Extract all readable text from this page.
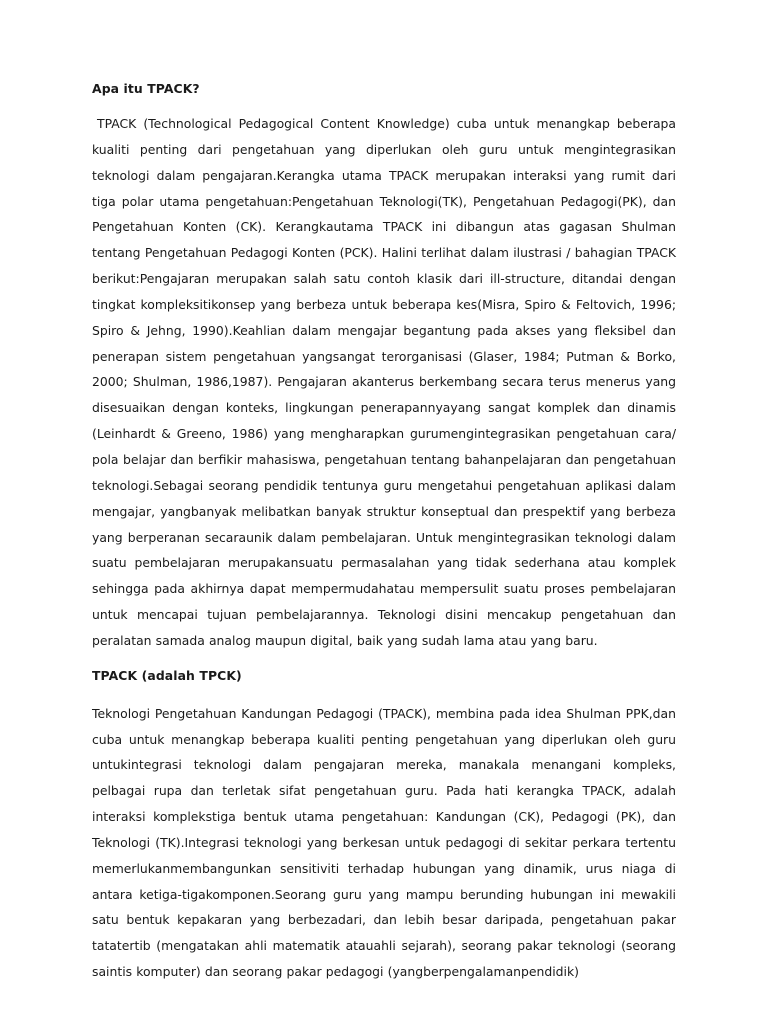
Apa itu TPACK?

TPACK (Technological Pedagogical Content Knowledge) cuba untuk menangkap beberapa kualiti penting dari pengetahuan yang diperlukan oleh guru untuk mengintegrasikan teknologi dalam pengajaran.Kerangka utama TPACK merupakan interaksi yang rumit dari tiga polar utama pengetahuan:Pengetahuan Teknologi(TK), Pengetahuan Pedagogi(PK), dan Pengetahuan Konten (CK). Kerangkautama TPACK ini dibangun atas gagasan Shulman tentang Pengetahuan Pedagogi Konten (PCK). Halini terlihat dalam ilustrasi / bahagian TPACK berikut:Pengajaran merupakan salah satu contoh klasik dari ill-structure, ditandai dengan tingkat kompleksitikonsep yang berbeza untuk beberapa kes(Misra, Spiro & Feltovich, 1996; Spiro & Jehng, 1990).Keahlian dalam mengajar begantung pada akses yang fleksibel dan penerapan sistem pengetahuan yangsangat terorganisasi (Glaser, 1984; Putman & Borko, 2000; Shulman, 1986,1987). Pengajaran akanterus berkembang secara terus menerus yang disesuaikan dengan konteks, lingkungan penerapannyayang sangat komplek dan dinamis (Leinhardt & Greeno, 1986) yang mengharapkan gurumengintegrasikan pengetahuan cara/ pola belajar dan berfikir mahasiswa, pengetahuan tentang bahanpelajaran dan pengetahuan teknologi.Sebagai seorang pendidik tentunya guru mengetahui pengetahuan aplikasi dalam mengajar, yangbanyak melibatkan banyak struktur konseptual dan prespektif yang berbeza yang berperanan secaraunik dalam pembelajaran. Untuk mengintegrasikan teknologi dalam suatu pembelajaran merupakansuatu permasalahan yang tidak sederhana atau komplek sehingga pada akhirnya dapat mempermudahatau mempersulit suatu proses pembelajaran untuk mencapai tujuan pembelajarannya. Teknologi disini mencakup pengetahuan dan peralatan samada analog maupun digital, baik yang sudah lama atau yang baru.

TPACK (adalah TPCK)

Teknologi Pengetahuan Kandungan Pedagogi (TPACK), membina pada idea Shulman PPK,dan cuba untuk menangkap beberapa kualiti penting pengetahuan yang diperlukan oleh guru untukintegrasi teknologi dalam pengajaran mereka, manakala menangani kompleks, pelbagai rupa dan terletak sifat pengetahuan guru. Pada hati kerangka TPACK, adalah interaksi komplekstiga bentuk utama pengetahuan: Kandungan (CK), Pedagogi (PK), dan Teknologi (TK).Integrasi teknologi yang berkesan untuk pedagogi di sekitar perkara tertentu memerlukanmembangunkan sensitiviti terhadap hubungan yang dinamik, urus niaga di antara ketiga-tigakomponen.Seorang guru yang mampu berunding hubungan ini mewakili satu bentuk kepakaran yang berbezadari, dan lebih besar daripada, pengetahuan pakar tatatertib (mengatakan ahli matematik atauahli sejarah), seorang pakar teknologi (seorang saintis komputer) dan seorang pakar pedagogi (yangberpengalamanpendidik)
